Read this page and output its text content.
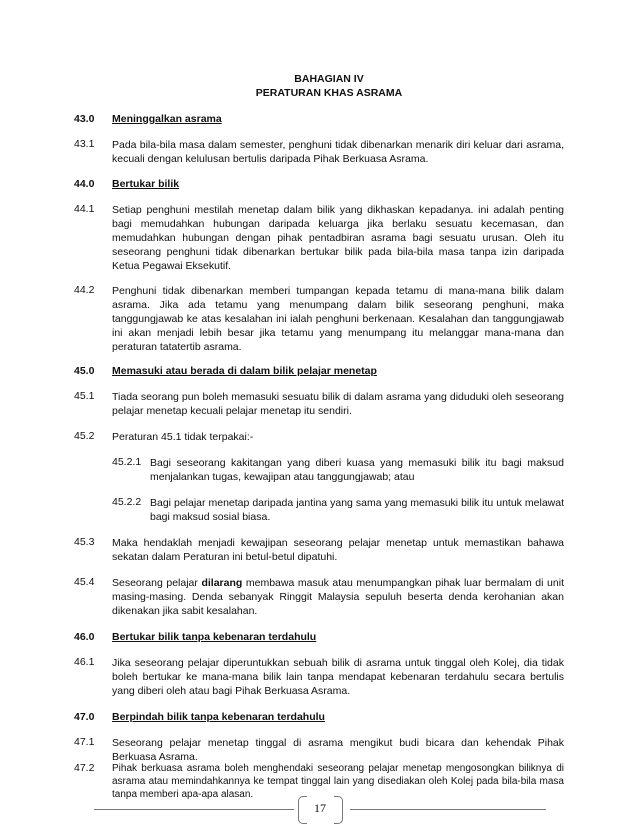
BAHAGIAN IV
PERATURAN KHAS ASRAMA
43.0 Meninggalkan asrama
43.1 Pada bila-bila masa dalam semester, penghuni tidak dibenarkan menarik diri keluar dari asrama, kecuali dengan kelulusan bertulis daripada Pihak Berkuasa Asrama.
44.0 Bertukar bilik
44.1 Setiap penghuni mestilah menetap dalam bilik yang dikhaskan kepadanya. ini adalah penting bagi memudahkan hubungan daripada keluarga jika berlaku sesuatu kecemasan, dan memudahkan hubungan dengan pihak pentadbiran asrama bagi sesuatu urusan. Oleh itu seseorang penghuni tidak dibenarkan bertukar bilik pada bila-bila masa tanpa izin daripada Ketua Pegawai Eksekutif.
44.2 Penghuni tidak dibenarkan memberi tumpangan kepada tetamu di mana-mana bilik dalam asrama. Jika ada tetamu yang menumpang dalam bilik seseorang penghuni, maka tanggungjawab ke atas kesalahan ini ialah penghuni berkenaan. Kesalahan dan tanggungjawab ini akan menjadi lebih besar jika tetamu yang menumpang itu melanggar mana-mana dan peraturan tatatertib asrama.
45.0 Memasuki atau berada di dalam bilik pelajar menetap
45.1 Tiada seorang pun boleh memasuki sesuatu bilik di dalam asrama yang diduduki oleh seseorang pelajar menetap kecuali pelajar menetap itu sendiri.
45.2 Peraturan 45.1 tidak terpakai:-
45.2.1 Bagi seseorang kakitangan yang diberi kuasa yang memasuki bilik itu bagi maksud menjalankan tugas, kewajipan atau tanggungjawab; atau
45.2.2 Bagi pelajar menetap daripada jantina yang sama yang memasuki bilik itu untuk melawat bagi maksud sosial biasa.
45.3 Maka hendaklah menjadi kewajipan seseorang pelajar menetap untuk memastikan bahawa sekatan dalam Peraturan ini betul-betul dipatuhi.
45.4 Seseorang pelajar dilarang membawa masuk atau menumpangkan pihak luar bermalam di unit masing-masing. Denda sebanyak Ringgit Malaysia sepuluh beserta denda kerohanian akan dikenakan jika sabit kesalahan.
46.0 Bertukar bilik tanpa kebenaran terdahulu
46.1 Jika seseorang pelajar diperuntukkan sebuah bilik di asrama untuk tinggal oleh Kolej, dia tidak boleh bertukar ke mana-mana bilik lain tanpa mendapat kebenaran terdahulu secara bertulis yang diberi oleh atau bagi Pihak Berkuasa Asrama.
47.0 Berpindah bilik tanpa kebenaran terdahulu
47.1 Seseorang pelajar menetap tinggal di asrama mengikut budi bicara dan kehendak Pihak Berkuasa Asrama.
17
47.2 Pihak berkuasa asrama boleh menghendaki seseorang pelajar menetap mengosongkan biliknya di asrama atau memindahkannya ke tempat tinggal lain yang disediakan oleh Kolej pada bila-bila masa tanpa memberi apa-apa alasan.
